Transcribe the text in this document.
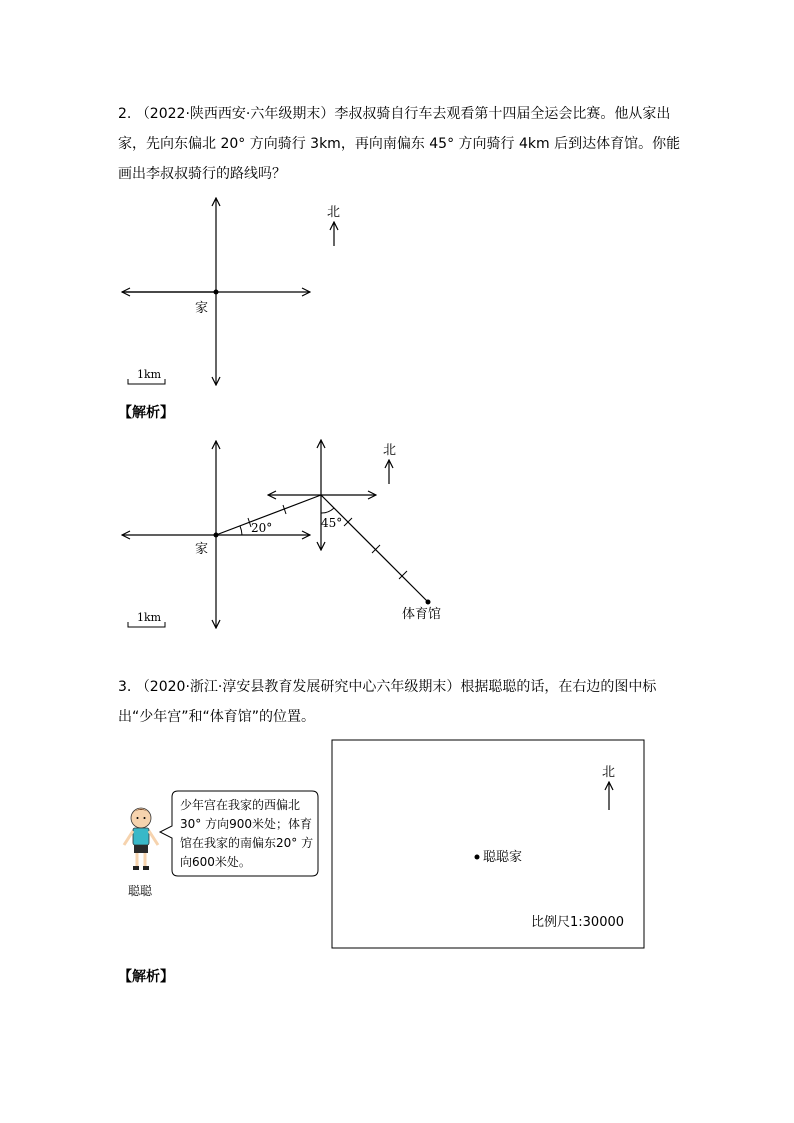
2. （2022·陕西西安·六年级期末）李叔叔骑自行车去观看第十四届全运会比赛。他从家出家，先向东偏北 20° 方向骑行 3km，再向南偏东 45° 方向骑行 4km 后到达体育馆。你能画出李叔叔骑行的路线吗？

家
北
1km
家
20°	45°
体育馆
北
1km
北
聪聪家
比例尺1:30000
【解析】

3. （2020·浙江·淳安县教育发展研究中心六年级期末）根据聪聪的话，在右边的图中标出“少年宫”和“体育馆”的位置。

少年宫在我家的西偏北30° 方向900米处；体育馆在我家的南偏东20° 方向600米处。
聪聪
【解析】
